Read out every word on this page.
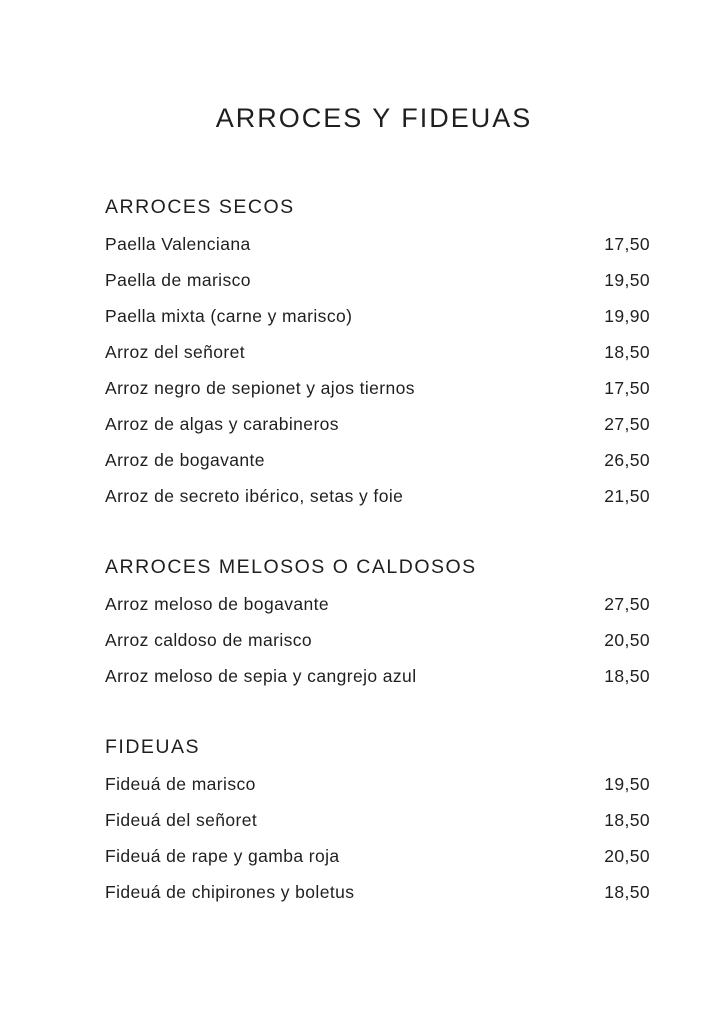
ARROCES Y FIDEUAS
ARROCES SECOS
Paella Valenciana	17,50
Paella de marisco	19,50
Paella mixta (carne y marisco)	19,90
Arroz del señoret	18,50
Arroz negro de sepionet y ajos tiernos	17,50
Arroz de algas y carabineros	27,50
Arroz de bogavante	26,50
Arroz de secreto ibérico, setas y foie	21,50
ARROCES MELOSOS O CALDOSOS
Arroz meloso de bogavante	27,50
Arroz caldoso de marisco	20,50
Arroz meloso de sepia y cangrejo azul	18,50
FIDEUAS
Fideuá de marisco	19,50
Fideuá del señoret	18,50
Fideuá de rape y gamba roja	20,50
Fideuá de chipirones y boletus	18,50
